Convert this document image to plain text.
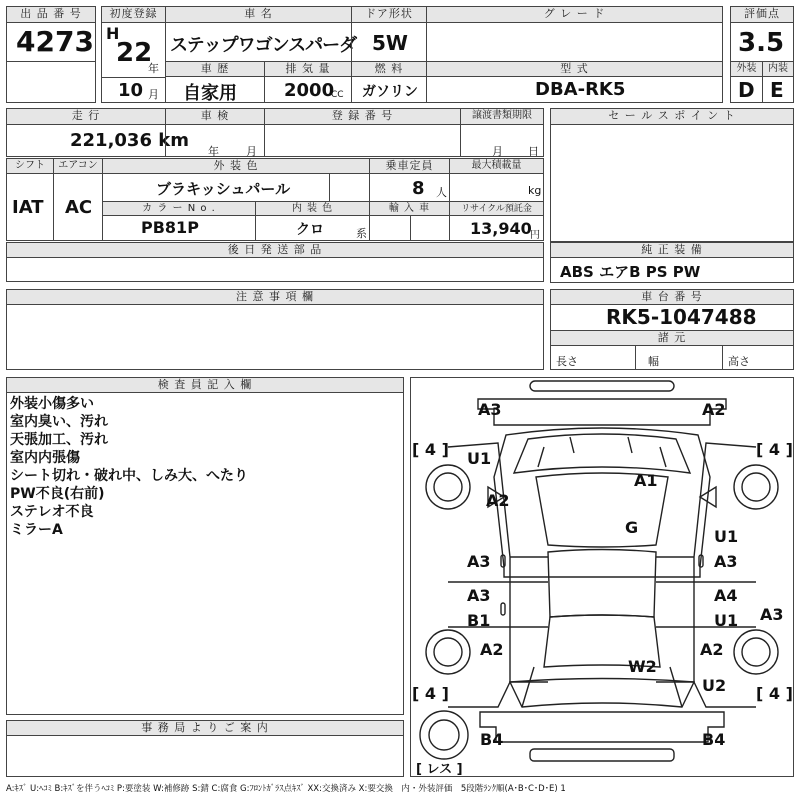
出 品 番 号
4273
初度登録
H
22
年
10 月
車 名
ステップワゴンスパーダ
ドア形状
5W
グ レ ー ド	評価点
3.5
車 歴
自家用
排 気 量
2000
CC
燃 料
ガソリン
型 式
DBA-RK5
外装	内装
D E
走 行
221,036 km
車 検
年 月
登 録 番 号	譲渡書類期限
月 日
シフト	エアコン
IAT AC
外 装 色
ブラキッシュパール
乗車定員
8 人
最大積載量
kg
カ ラ ー N o .
PB81P
内 装 色
クロ	系
輸 入 車	リサイクル預託金
13,940
円
後 日 発 送 部 品
注 意 事 項 欄
セ ー ル ス ポ イ ン ト
純 正 装 備
ABS エアB PS PW
車 台 番 号
RK5-1047488
諸 元
長さ	幅	高さ
検 査 員 記 入 欄
外装小傷多い
室内臭い、汚れ
天張加工、汚れ
室内内張傷
シート切れ・破れ中、しみ大、へたり
PW不良(右前)
ステレオ不良
ミラーA
事 務 局 よ り ご 案 内
A3	A2
U1
A2
A1
G	U1
A3
A3
A3	A4
A3
B1	U1
A2	A2
W2
U2
B4	B4
[ 4 ]	[ 4 ]
[ 4 ]	[ 4 ]
[ レス ]
A:ｷｽﾞ U:ﾍｺﾐ B:ｷｽﾞを伴うﾍｺﾐ P:要塗装 W:補修跡 S:錆 C:腐食 G:ﾌﾛﾝﾄｶﾞﾗｽ点ｷｽﾞ XX:交換済み X:要交換　内・外装評価　5段階ﾗﾝｸ順(A･B･C･D･E) 1
